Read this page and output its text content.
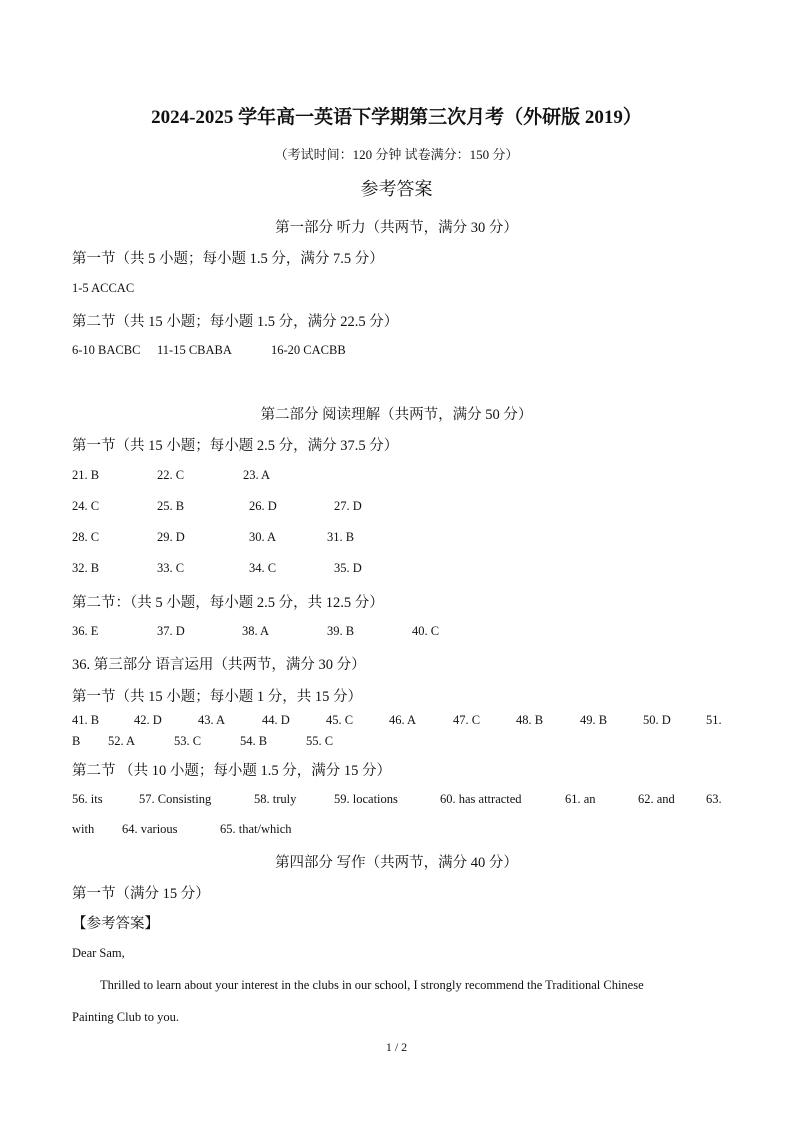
2024-2025 学年高一英语下学期第三次月考（外研版 2019）
（考试时间：120 分钟 试卷满分：150 分）
参考答案
第一部分 听力（共两节，满分 30 分）
第一节（共 5 小题；每小题 1.5 分，满分 7.5 分）
1-5 ACCAC
第二节（共 15 小题；每小题 1.5 分，满分 22.5 分）
6-10 BACBC 11-15 CBABA	16-20 CACBB
第二部分 阅读理解（共两节，满分 50 分）
第一节（共 15 小题；每小题 2.5 分，满分 37.5 分）
21. B	22. C	23. A
24. C	25. B	26. D	27. D
28. C	29. D	30. A	31. B
32. B	33. C	34. C	35. D
第二节：（共 5 小题，每小题 2.5 分，共 12.5 分）
36. E	37. D	38. A	39. B	40. C
36. 第三部分 语言运用（共两节，满分 30 分）
第一节（共 15 小题；每小题 1 分，共 15 分）
41. B	42. D	43. A	44. D	45. C	46. A	47. C	48. B	49. B	50. D	51.
B 52. A	53. C	54. B	55. C
第二节 （共 10 小题；每小题 1.5 分，满分 15 分）
56. its	57. Consisting	58. truly	59. locations	60. has attracted	61. an	62. and 63.
with 64. various	65. that/which
第四部分 写作（共两节，满分 40 分）
第一节（满分 15 分）
【参考答案】
Dear Sam,
Thrilled to learn about your interest in the clubs in our school, I strongly recommend the Traditional Chinese
Painting Club to you.
1 / 2
